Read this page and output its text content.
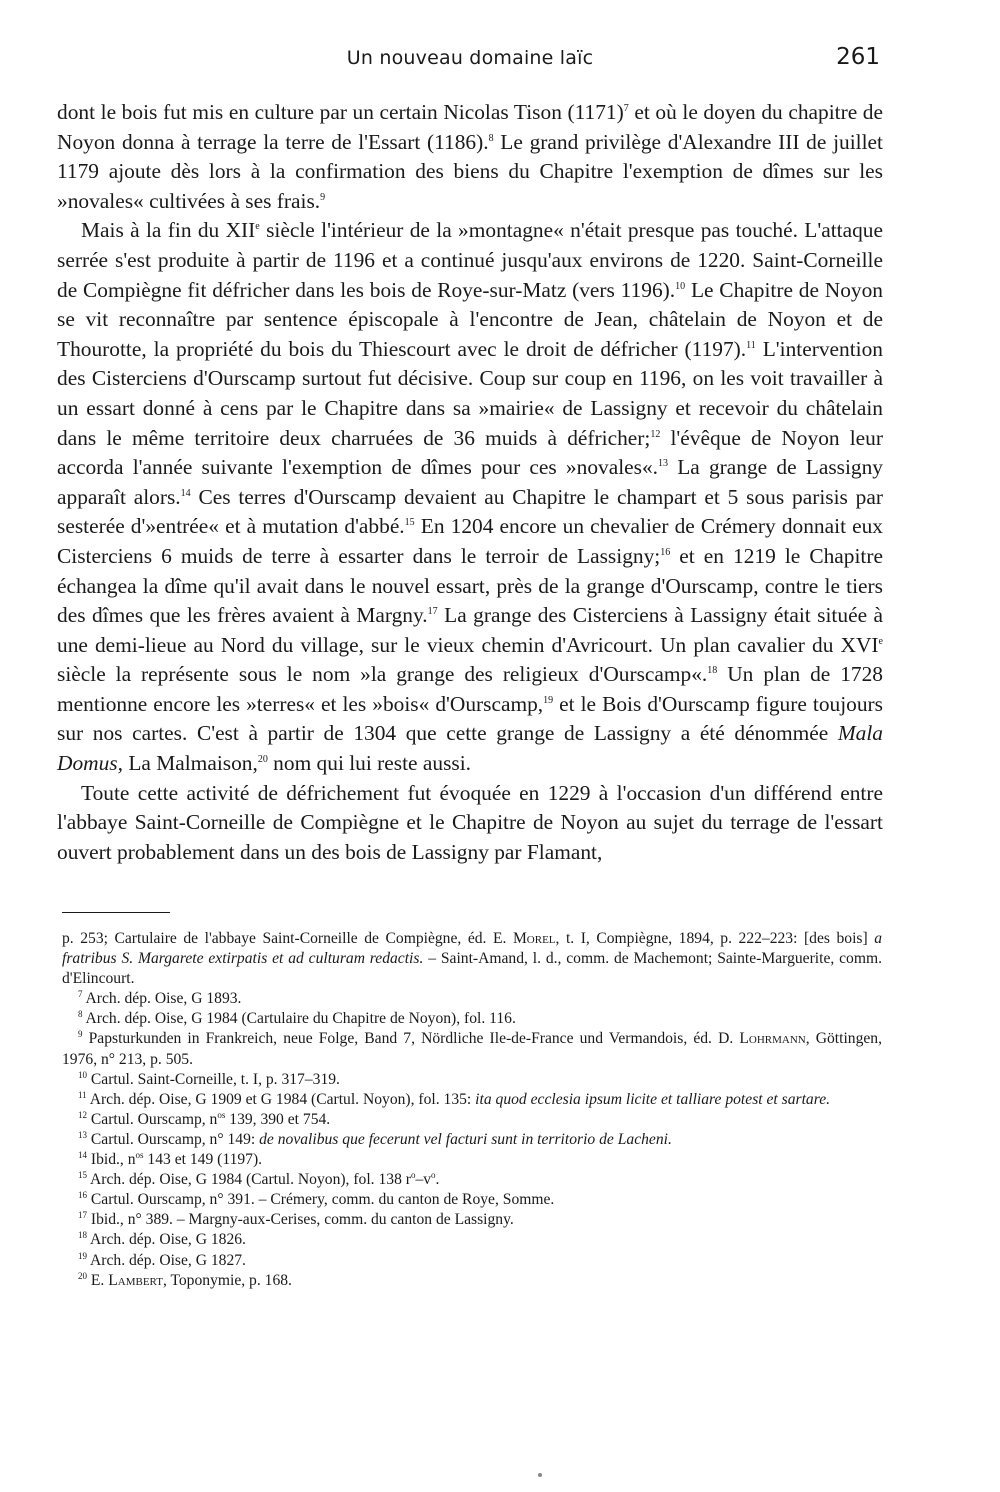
Un nouveau domaine laïc	261

dont le bois fut mis en culture par un certain Nicolas Tison $(1171)^7$ et où le doyen du chapitre de Noyon donna à terrage la terre de l'Essart (1186).$^8$ Le grand privilège d'Alexandre III de juillet 1179 ajoute dès lors à la confirmation des biens du Chapitre l'exemption de dîmes sur les »novales« cultivées à ses frais.$^9$

Mais à la fin du XIIe siècle l'intérieur de la »montagne« n'était presque pas touché. L'attaque serrée s'est produite à partir de 1196 et a continué jusqu'aux environs de 1220. Saint-Corneille de Compiègne fit défricher dans les bois de Roye-sur-Matz (vers 1196).$^{10}$ Le Chapitre de Noyon se vit reconnaître par sentence épiscopale à l'encontre de Jean, châtelain de Noyon et de Thourotte, la propriété du bois du Thiescourt avec le droit de défricher (1197).$^{11}$ L'intervention des Cisterciens d'Ourscamp surtout fut décisive. Coup sur coup en 1196, on les voit travailler à un essart donné à cens par le Chapitre dans sa »mairie« de Lassigny et recevoir du châtelain dans le même territoire deux charruées de 36 muids à défricher;$^{12}$ l'évêque de Noyon leur accorda l'année suivante l'exemption de dîmes pour ces »novales«.$^{13}$ La grange de Lassigny apparaît alors.$^{14}$ Ces terres d'Ourscamp devaient au Chapitre le champart et 5 sous parisis par sesterée d'»entrée« et à mutation d'abbé.$^{15}$ En 1204 encore un chevalier de Crémery donnait eux Cisterciens 6 muids de terre à essarter dans le terroir de Lassigny;$^{16}$ et en 1219 le Chapitre échangea la dîme qu'il avait dans le nouvel essart, près de la grange d'Ourscamp, contre le tiers des dîmes que les frères avaient à Margny.$^{17}$ La grange des Cisterciens à Lassigny était située à une demi-lieue au Nord du village, sur le vieux chemin d'Avricourt. Un plan cavalier du XVIe siècle la représente sous le nom »la grange des religieux d'Ourscamp«.$^{18}$ Un plan de 1728 mentionne encore les »terres« et les »bois« d'Ourscamp,$^{19}$ et le Bois d'Ourscamp figure toujours sur nos cartes. C'est à partir de 1304 que cette grange de Lassigny a été dénommée Mala Domus, La Malmaison,$^{20}$ nom qui lui reste aussi.

Toute cette activité de défrichement fut évoquée en 1229 à l'occasion d'un différend entre l'abbaye Saint-Corneille de Compiègne et le Chapitre de Noyon au sujet du terrage de l'essart ouvert probablement dans un des bois de Lassigny par Flamant,

p. 253; Cartulaire de l'abbaye Saint-Corneille de Compiègne, éd. E. Morel, t. I, Compiègne, 1894, p. 222–223: [des bois] a fratribus S. Margarete extirpatis et ad culturam redactis. – Saint-Amand, l. d., comm. de Machemont; Sainte-Marguerite, comm. d'Elincourt.

$^7$ Arch. dép. Oise, G 1893.

$^8$ Arch. dép. Oise, G 1984 (Cartulaire du Chapitre de Noyon), fol. 116.

$^9$ Papsturkunden in Frankreich, neue Folge, Band 7, Nördliche Ile-de-France und Vermandois, éd. D. Lohrmann, Göttingen, 1976, n° 213, p. 505.

$^{10}$ Cartul. Saint-Corneille, t. I, p. 317–319.

$^{11}$ Arch. dép. Oise, G 1909 et G 1984 (Cartul. Noyon), fol. 135: ita quod ecclesia ipsum licite et talliare potest et sartare.

$^{12}$ Cartul. Ourscamp, $n^{os}$ 139, 390 et 754.

$^{13}$ Cartul. Ourscamp, n° 149: de novalibus que fecerunt vel facturi sunt in territorio de Lacheni.

$^{14}$ Ibid., $n^{os}$ 143 et 149 (1197).

$^{15}$ Arch. dép. Oise, G 1984 (Cartul. Noyon), fol. 138 $r^o-v^o$.

$^{16}$ Cartul. Ourscamp, n° 391. – Crémery, comm. du canton de Roye, Somme.

$^{17}$ Ibid., n° 389. – Margny-aux-Cerises, comm. du canton de Lassigny.

$^{18}$ Arch. dép. Oise, G 1826.

$^{19}$ Arch. dép. Oise, G 1827.

$^{20}$ E. Lambert, Toponymie, p. 168.
